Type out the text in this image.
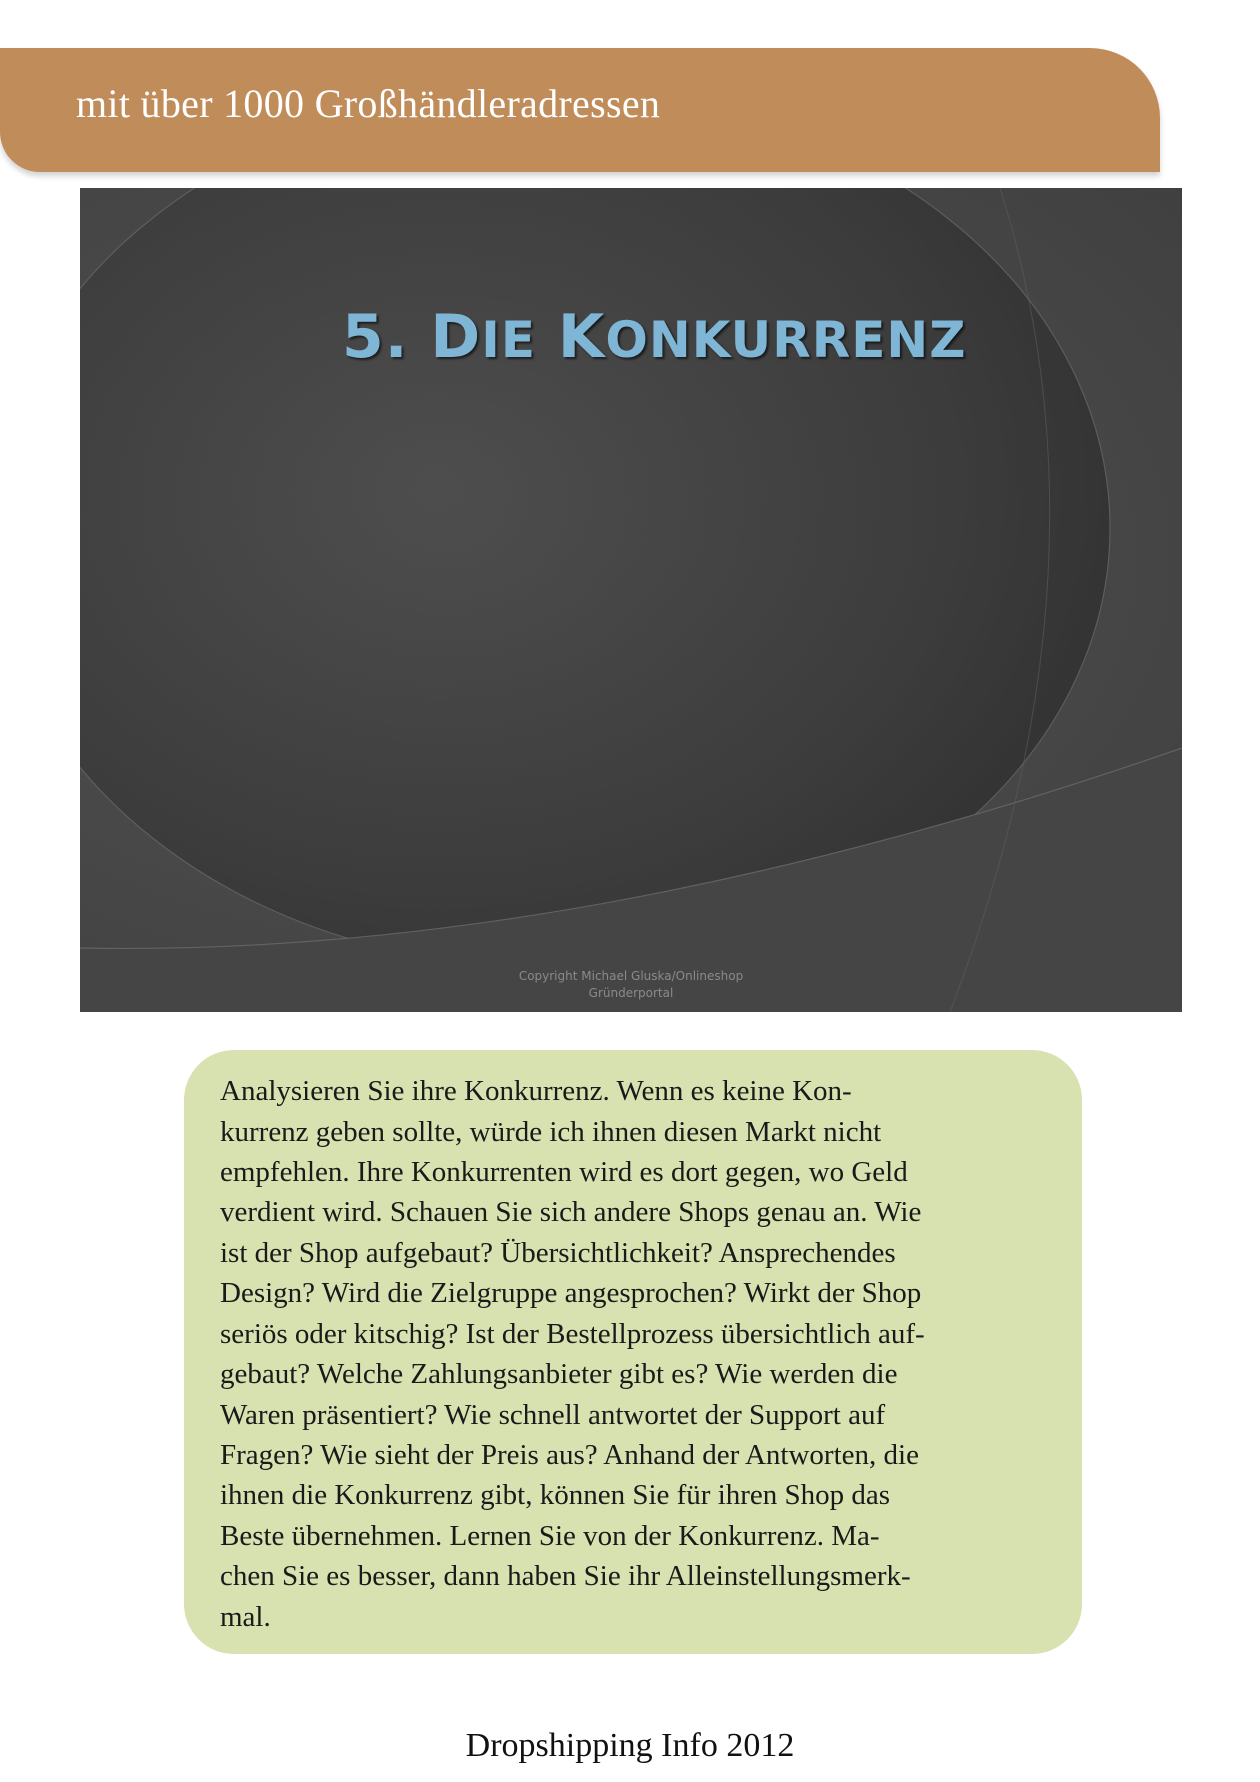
mit über 1000 Großhändleradressen
5. DIE KONKURRENZ
Copyright Michael Gluska/Onlineshop
Gründerportal
Analysieren Sie ihre Konkurrenz. Wenn es keine Kon-
kurrenz geben sollte, würde ich ihnen diesen Markt nicht
empfehlen. Ihre Konkurrenten wird es dort gegen, wo Geld
verdient wird. Schauen Sie sich andere Shops genau an. Wie
ist der Shop aufgebaut? Übersichtlichkeit? Ansprechendes
Design? Wird die Zielgruppe angesprochen? Wirkt der Shop
seriös oder kitschig? Ist der Bestellprozess übersichtlich auf-
gebaut? Welche Zahlungsanbieter gibt es? Wie werden die
Waren präsentiert? Wie schnell antwortet der Support auf
Fragen? Wie sieht der Preis aus? Anhand der Antworten, die
ihnen die Konkurrenz gibt, können Sie für ihren Shop das
Beste übernehmen. Lernen Sie von der Konkurrenz. Ma-
chen Sie es besser, dann haben Sie ihr Alleinstellungsmerk-
mal.
Dropshipping Info 2012
